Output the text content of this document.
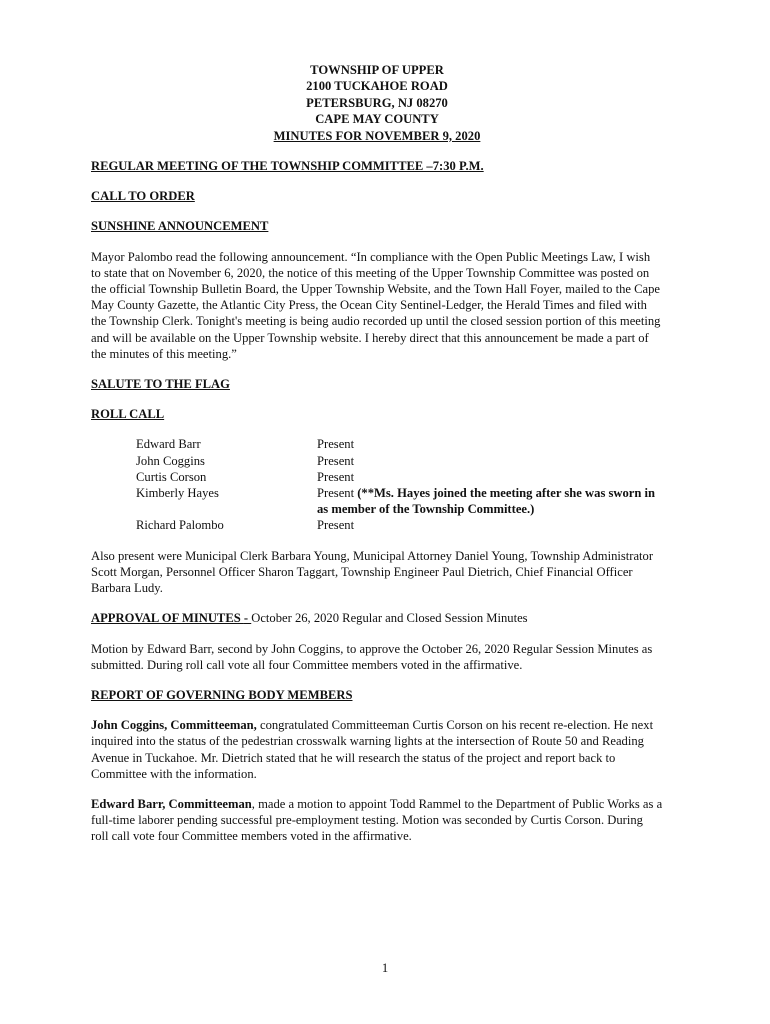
TOWNSHIP OF UPPER
2100 TUCKAHOE ROAD
PETERSBURG, NJ 08270
CAPE MAY COUNTY
MINUTES FOR NOVEMBER 9, 2020

REGULAR MEETING OF THE TOWNSHIP COMMITTEE –7:30 P.M.

CALL TO ORDER

SUNSHINE ANNOUNCEMENT

Mayor Palombo read the following announcement. “In compliance with the Open Public Meetings Law, I wish to state that on November 6, 2020, the notice of this meeting of the Upper Township Committee was posted on the official Township Bulletin Board, the Upper Township Website, and the Town Hall Foyer, mailed to the Cape May County Gazette, the Atlantic City Press, the Ocean City Sentinel-Ledger, the Herald Times and filed with the Township Clerk. Tonight's meeting is being audio recorded up until the closed session portion of this meeting and will be available on the Upper Township website. I hereby direct that this announcement be made a part of the minutes of this meeting.”

SALUTE TO THE FLAG

ROLL CALL

Edward Barr	Present
John Coggins	Present
Curtis Corson	Present
Kimberly Hayes	Present (**Ms. Hayes joined the meeting after she was sworn in as member of the Township Committee.)
Richard Palombo	Present

Also present were Municipal Clerk Barbara Young, Municipal Attorney Daniel Young, Township Administrator Scott Morgan, Personnel Officer Sharon Taggart, Township Engineer Paul Dietrich, Chief Financial Officer Barbara Ludy.

APPROVAL OF MINUTES - October 26, 2020 Regular and Closed Session Minutes

Motion by Edward Barr, second by John Coggins, to approve the October 26, 2020 Regular Session Minutes as submitted. During roll call vote all four Committee members voted in the affirmative.

REPORT OF GOVERNING BODY MEMBERS

John Coggins, Committeeman, congratulated Committeeman Curtis Corson on his recent re-election. He next inquired into the status of the pedestrian crosswalk warning lights at the intersection of Route 50 and Reading Avenue in Tuckahoe. Mr. Dietrich stated that he will research the status of the project and report back to Committee with the information.

Edward Barr, Committeeman, made a motion to appoint Todd Rammel to the Department of Public Works as a full-time laborer pending successful pre-employment testing. Motion was seconded by Curtis Corson. During roll call vote four Committee members voted in the affirmative.

1
